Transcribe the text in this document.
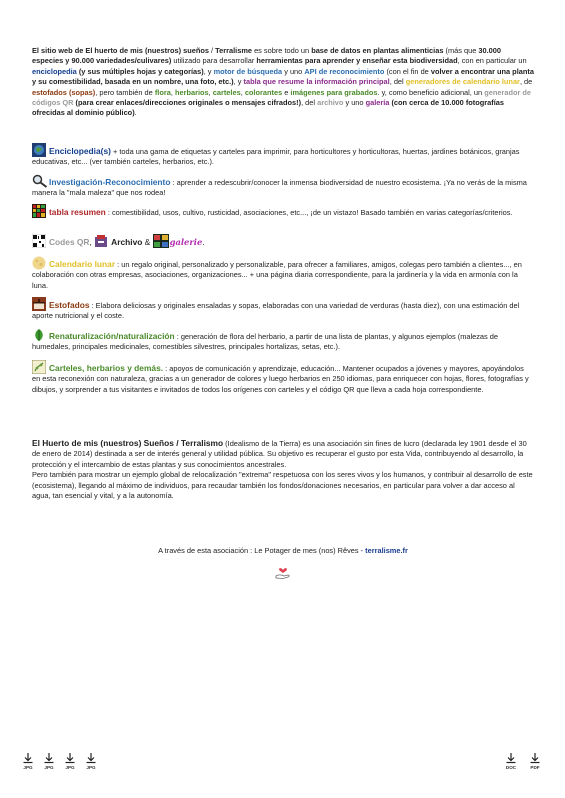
El sitio web de El huerto de mis (nuestros) sueños / Terralisme es sobre todo un base de datos en plantas alimenticias (más que 30.000 especies y 90.000 variedades/culivares) utilizado para desarrollar herramientas para aprender y enseñar esta biodiversidad, con en particular un enciclopedia (y sus múltiples hojas y categorías), y motor de búsqueda y uno API de reconocimiento (con el fin de volver a encontrar una planta y su comestibilidad, basada en un nombre, una foto, etc.), y tabla que resume la información principal, del generadores de calendario lunar, de estofados (sopas), pero también de flora, herbarios, carteles, colorantes e imágenes para grabados. y, como beneficio adicional, un generador de códigos QR (para crear enlaces/direcciones originales o mensajes cifrados!), del archivo y uno galería (con cerca de 10.000 fotografías ofrecidas al dominio público).

Enciclopedia(s) + toda una gama de etiquetas y carteles para imprimir, para horticultores y horticultoras, huertas, jardines botánicos, granjas educativas, etc... (ver también carteles, herbarios, etc.).

Investigación-Reconocimiento : aprender a redescubrir/conocer la inmensa biodiversidad de nuestro ecosistema. ¡Ya no verás de la misma manera la "mala maleza" que nos rodea!

tabla resumen : comestibilidad, usos, cultivo, rusticidad, asociaciones, etc..., ¡de un vistazo! Basado también en varias categorías/criterios.

Codes QR, Archivo & galerie.

Calendario lunar : un regalo original, personalizado y personalizable, para ofrecer a familiares, amigos, colegas pero también a clientes..., en colaboración con otras empresas, asociaciones, organizaciones... + una página diaria correspondiente, para la jardinería y la vida en armonía con la luna.

Estofados : Elabora deliciosas y originales ensaladas y sopas, elaboradas con una variedad de verduras (hasta diez), con una estimación del aporte nutricional y el coste.

Renaturalización/naturalización : generación de flora del herbario, a partir de una lista de plantas, y algunos ejemplos (malezas de humedales, principales medicinales, comestibles silvestres, principales hortalizas, setas, etc.).

Carteles, herbarios y demás. : apoyos de comunicación y aprendizaje, educación... Mantener ocupados a jóvenes y mayores, apoyándolos en esta reconexión con naturaleza, gracias a un generador de colores y luego herbarios en 250 idiomas, para enriquecer con hojas, flores, fotografías y dibujos, y sorprender a tus visitantes e invitados de todos los orígenes con carteles y el código QR que lleva a cada hoja correspondiente.

El Huerto de mis (nuestros) Sueños / Terralismo (Idealismo de la Tierra) es una asociación sin fines de lucro (declarada ley 1901 desde el 30 de enero de 2014) destinada a ser de interés general y utilidad pública. Su objetivo es recuperar el gusto por esta Vida, contribuyendo al desarrollo, la protección y el intercambio de estas plantas y sus conocimientos ancestrales.
Pero también para mostrar un ejemplo global de relocalización "extrema" respetuosa con los seres vivos y los humanos, y contribuir al desarrollo de este (ecosistema), llegando al máximo de individuos, para recaudar también los fondos/donaciones necesarios, en particular para volver a dar acceso al agua, tan esencial y vital, y a la autonomía.

A través de esta asociación : Le Potager de mes (nos) Rêves - terralisme.fr

JPG	JPG	JPG	JPG	DOC	PDF
